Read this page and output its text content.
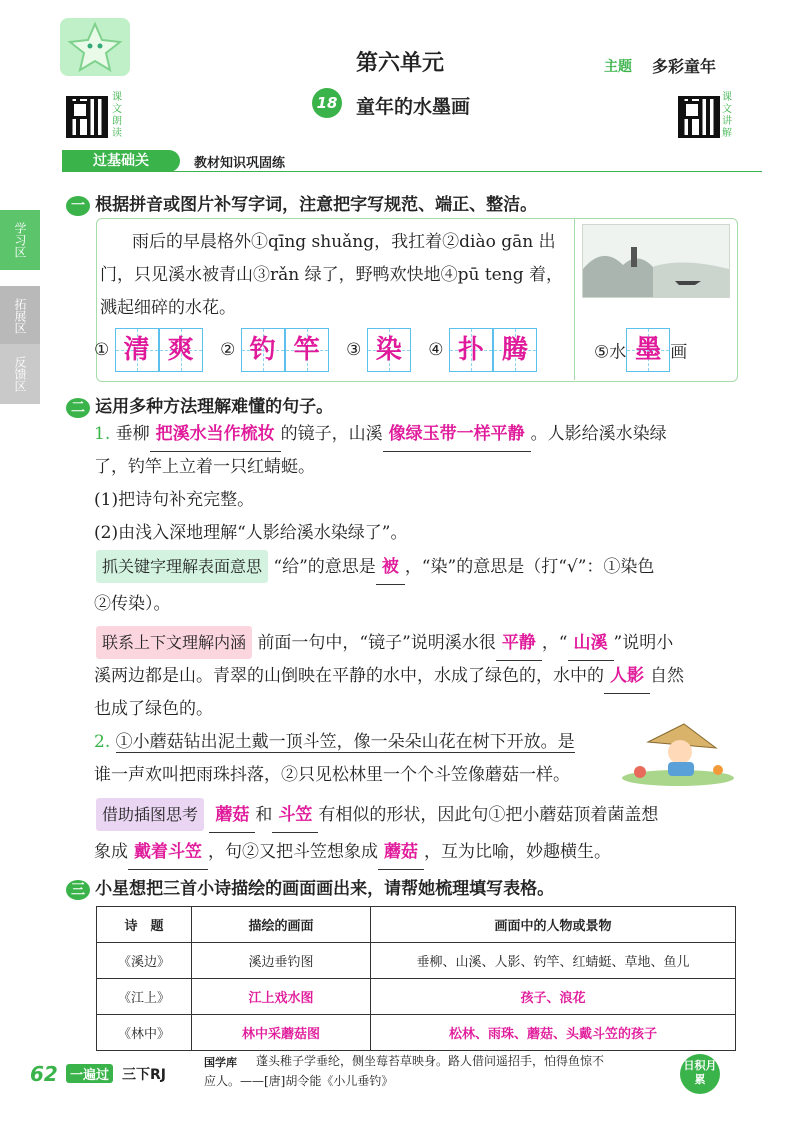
课文朗读
课文讲解
第六单元
18 童年的水墨画
主题 多彩童年
过基础关	教材知识巩固练
学习区
拓展区
反馈区
一 根据拼音或图片补写字词，注意把字写规范、端正、整洁。
雨后的早晨格外①qīng shuǎng，我扛着②diào gān 出
门，只见溪水被青山③rǎn 绿了，野鸭欢快地④pū teng 着，
溅起细碎的水花。
① 清 爽 ② 钓 竿 ③ 染 ④ 扑 腾	⑤水 墨 画
二 运用多种方法理解难懂的句子。
1. 垂柳 把溪水当作梳妆 的镜子，山溪 像绿玉带一样平静 。人影给溪水染绿
了，钓竿上立着一只红蜻蜓。
(1)把诗句补充完整。
(2)由浅入深地理解“人影给溪水染绿了”。
抓关键字理解表面意思 “给”的意思是 被 ，“染”的意思是（打“√”：①染色
②传染）。
联系上下文理解内涵 前面一句中，“镜子”说明溪水很 平静 ，“ 山溪 ”说明小
溪两边都是山。青翠的山倒映在平静的水中，水成了绿色的，水中的 人影 自然
也成了绿色的。
2. ①小蘑菇钻出泥土戴一顶斗笠，像一朵朵山花在树下开放。是
谁一声欢叫把雨珠抖落，②只见松林里一个个斗笠像蘑菇一样。
借助插图思考 蘑菇 和 斗笠 有相似的形状，因此句①把小蘑菇顶着菌盖想
象成 戴着斗笠 ，句②又把斗笠想象成 蘑菇 ，互为比喻，妙趣横生。
三 小星想把三首小诗描绘的画面画出来，请帮她梳理填写表格。
诗　题	描绘的画面	画面中的人物或景物
《溪边》	溪边垂钓图	垂柳、山溪、人影、钓竿、红蜻蜓、草地、鱼儿
《江上》	江上戏水图	孩子、浪花
《林中》	林中采蘑菇图	松林、雨珠、蘑菇、头戴斗笠的孩子
62 一遍过 三下RJ
国学库 蓬头稚子学垂纶，侧坐莓苔草映身。路人借问遥招手，怕得鱼惊不
应人。——[唐]胡令能《小儿垂钓》
日积月累
